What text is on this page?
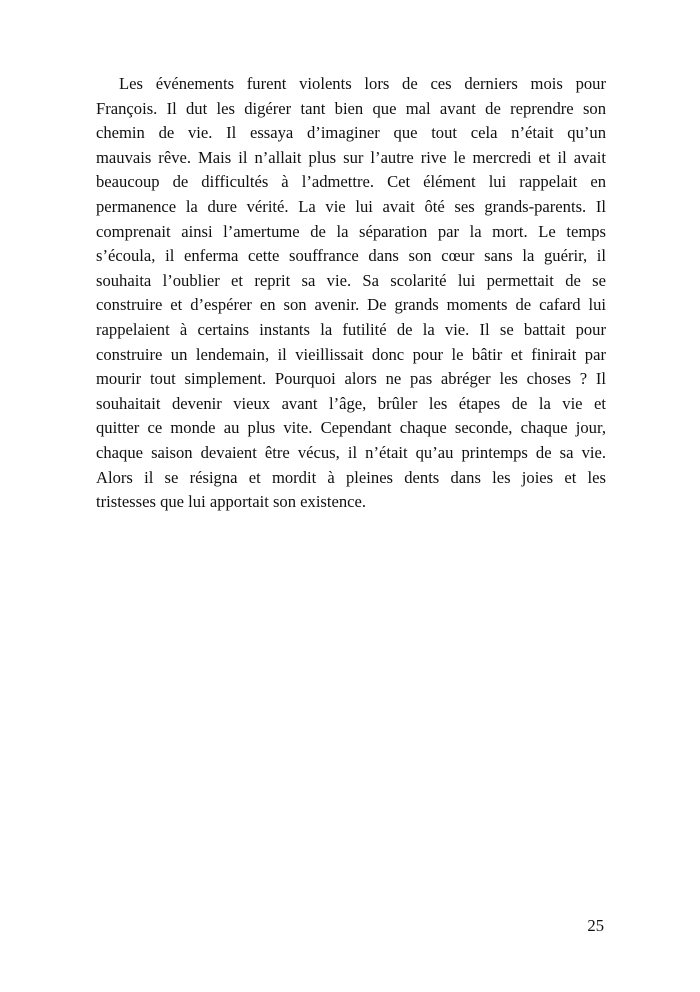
Les événements furent violents lors de ces derniers mois pour
François. Il dut les digérer tant bien que mal avant de reprendre son
chemin de vie. Il essaya d’imaginer que tout cela n’était qu’un
mauvais rêve. Mais il n’allait plus sur l’autre rive le mercredi et il avait
beaucoup de difficultés à l’admettre. Cet élément lui rappelait en
permanence la dure vérité. La vie lui avait ôté ses grands-parents. Il
comprenait ainsi l’amertume de la séparation par la mort. Le temps
s’écoula, il enferma cette souffrance dans son cœur sans la guérir, il
souhaita l’oublier et reprit sa vie. Sa scolarité lui permettait de se
construire et d’espérer en son avenir. De grands moments de cafard lui
rappelaient à certains instants la futilité de la vie. Il se battait pour
construire un lendemain, il vieillissait donc pour le bâtir et finirait par
mourir tout simplement. Pourquoi alors ne pas abréger les choses ? Il
souhaitait devenir vieux avant l’âge, brûler les étapes de la vie et
quitter ce monde au plus vite. Cependant chaque seconde, chaque jour,
chaque saison devaient être vécus, il n’était qu’au printemps de sa vie.
Alors il se résigna et mordit à pleines dents dans les joies et les
tristesses que lui apportait son existence.
25
